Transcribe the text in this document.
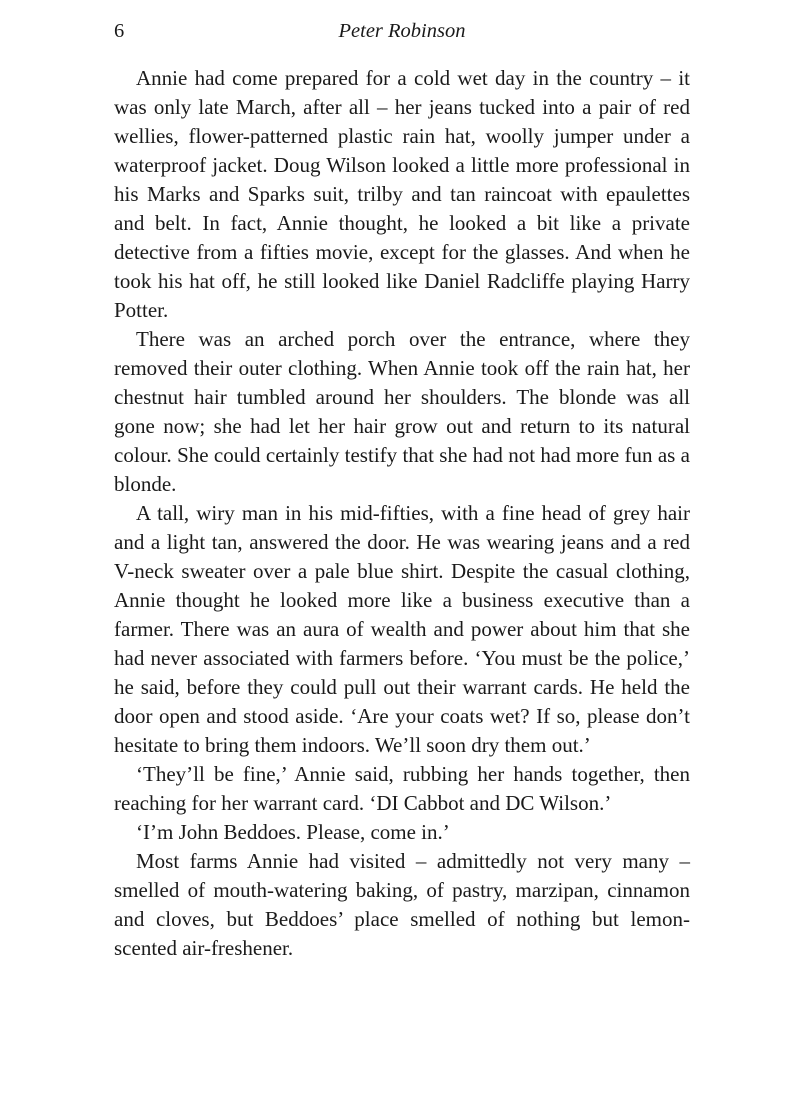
6	Peter Robinson

Annie had come prepared for a cold wet day in the country – it was only late March, after all – her jeans tucked into a pair of red wellies, flower-patterned plastic rain hat, woolly jumper under a waterproof jacket. Doug Wilson looked a little more professional in his Marks and Sparks suit, trilby and tan raincoat with epaulettes and belt. In fact, Annie thought, he looked a bit like a private detective from a fifties movie, except for the glasses. And when he took his hat off, he still looked like Daniel Radcliffe playing Harry Potter.

There was an arched porch over the entrance, where they removed their outer clothing. When Annie took off the rain hat, her chestnut hair tumbled around her shoulders. The blonde was all gone now; she had let her hair grow out and return to its natural colour. She could certainly testify that she had not had more fun as a blonde.

A tall, wiry man in his mid-fifties, with a fine head of grey hair and a light tan, answered the door. He was wearing jeans and a red V-neck sweater over a pale blue shirt. Despite the casual clothing, Annie thought he looked more like a business executive than a farmer. There was an aura of wealth and power about him that she had never associated with farmers before. ‘You must be the police,’ he said, before they could pull out their warrant cards. He held the door open and stood aside. ‘Are your coats wet? If so, please don’t hesitate to bring them indoors. We’ll soon dry them out.’

‘They’ll be fine,’ Annie said, rubbing her hands together, then reaching for her warrant card. ‘DI Cabbot and DC Wilson.’

‘I’m John Beddoes. Please, come in.’

Most farms Annie had visited – admittedly not very many – smelled of mouth-watering baking, of pastry, marzipan, cinnamon and cloves, but Beddoes’ place smelled of nothing but lemon-scented air-freshener.
